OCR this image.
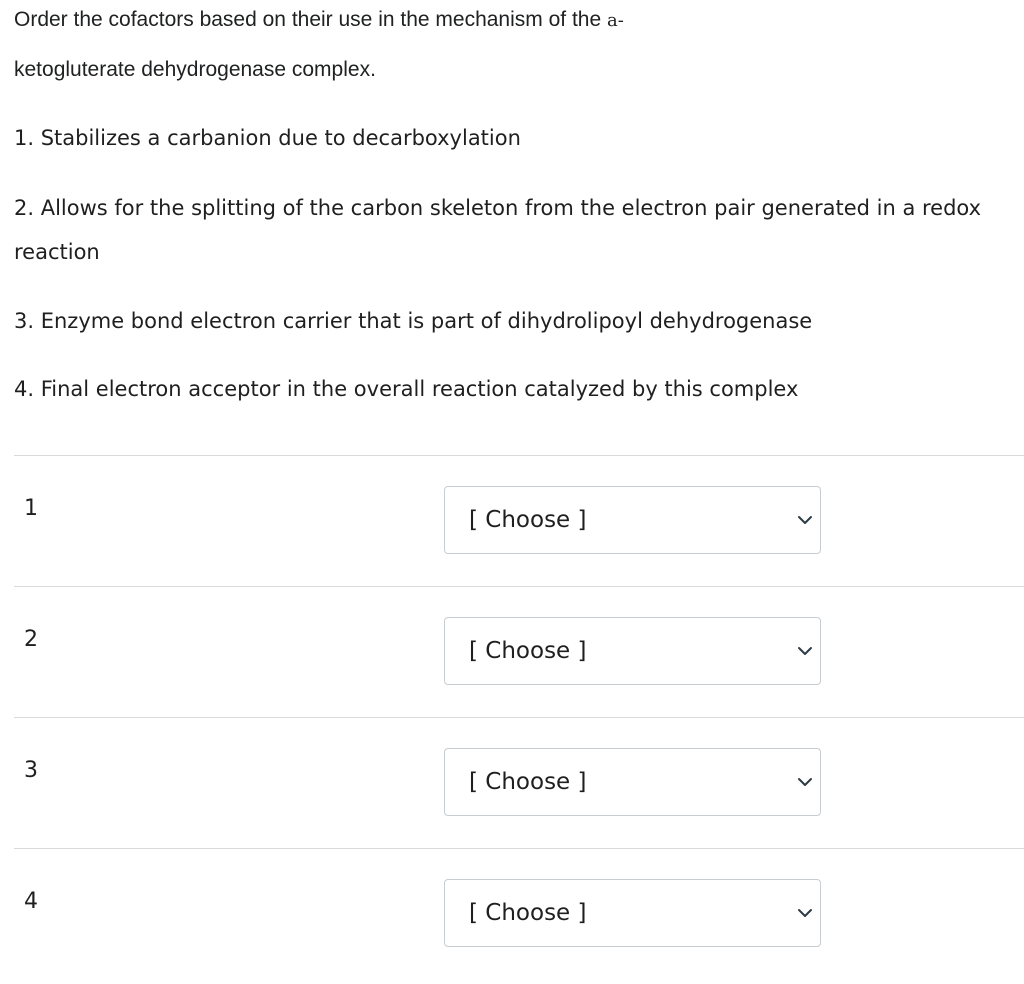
Order the cofactors based on their use in the mechanism of the a-
ketogluterate dehydrogenase complex.
1. Stabilizes a carbanion due to decarboxylation
2. Allows for the splitting of the carbon skeleton from the electron pair generated in a redox
reaction
3. Enzyme bond electron carrier that is part of dihydrolipoyl dehydrogenase
4. Final electron acceptor in the overall reaction catalyzed by this complex
1	[ Choose ]
2	[ Choose ]
3	[ Choose ]
4	[ Choose ]
